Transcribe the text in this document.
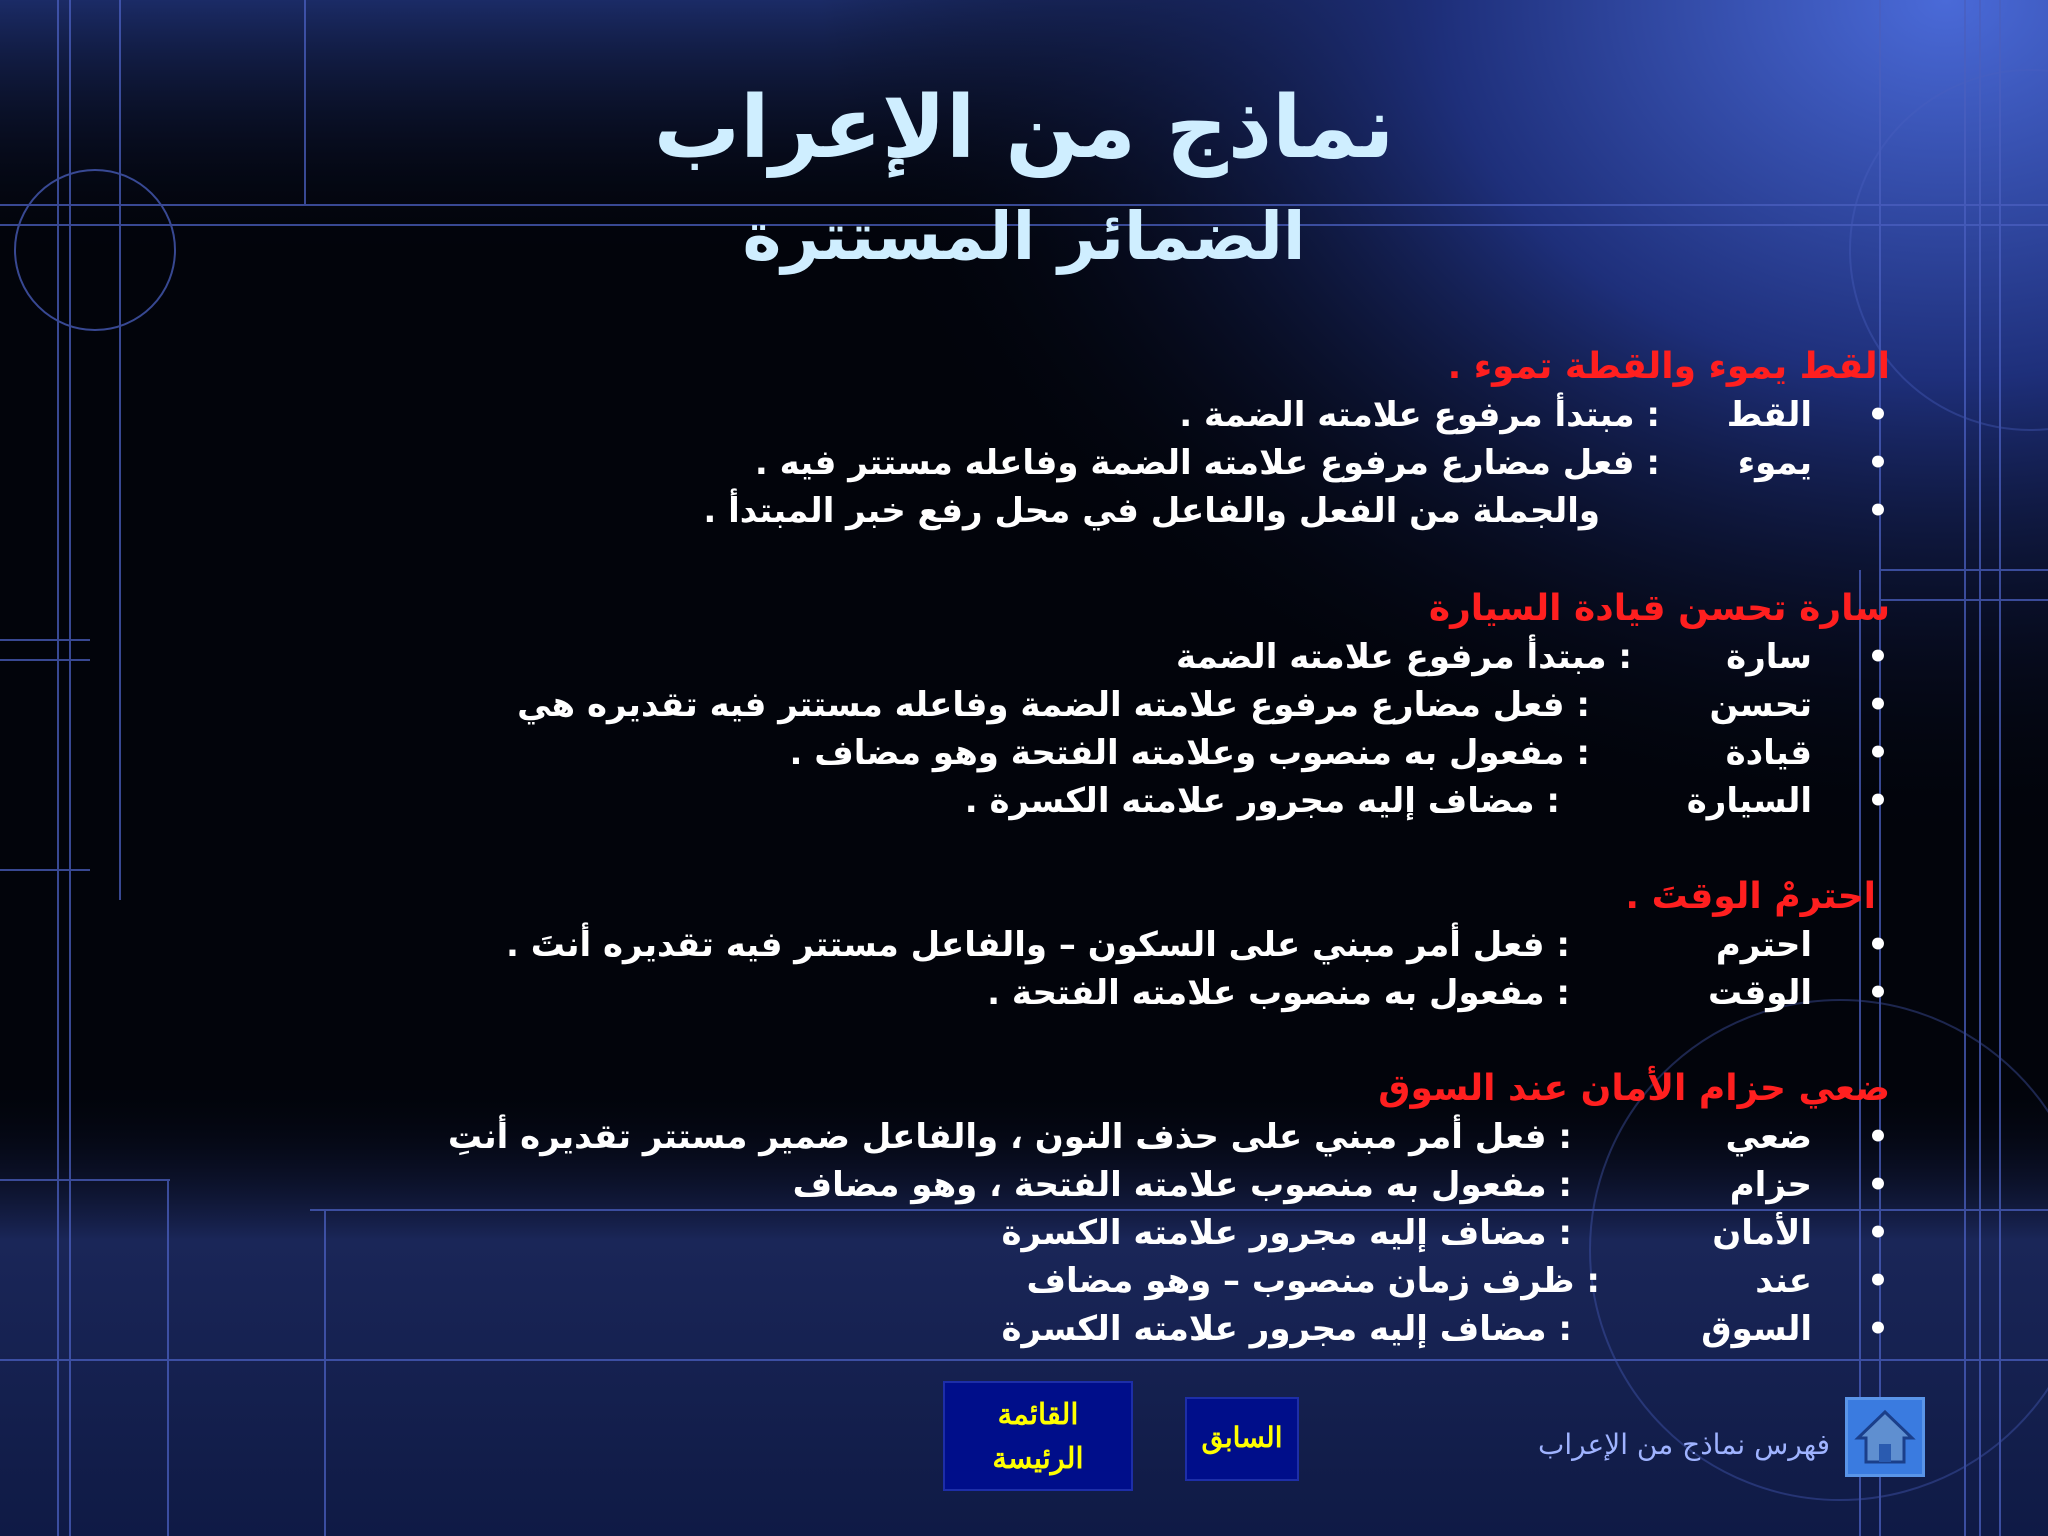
نماذج من الإعراب
الضمائر المستترة
القط يموء والقطة تموء .
•
القط
: مبتدأ مرفوع علامته الضمة .
•
يموء
: فعل مضارع مرفوع علامته الضمة وفاعله مستتر فيه .
•
والجملة من الفعل والفاعل في محل رفع خبر المبتدأ .
سارة تحسن قيادة السيارة
•
سارة
: مبتدأ مرفوع علامته الضمة
•
تحسن
: فعل مضارع مرفوع علامته الضمة وفاعله مستتر فيه تقديره هي
•
قيادة
: مفعول به منصوب وعلامته الفتحة وهو مضاف .
•
السيارة
: مضاف إليه مجرور علامته الكسرة .
احترمْ الوقتَ .
•
احترم
: فعل أمر مبني على السكون – والفاعل مستتر فيه تقديره أنتَ .
•
الوقت
: مفعول به منصوب علامته الفتحة .
ضعي حزام الأمان عند السوق
•
ضعي
: فعل أمر مبني على حذف النون ، والفاعل ضمير مستتر تقديره أنتِ
•
حزام
: مفعول به منصوب علامته الفتحة ، وهو مضاف
•
الأمان
: مضاف إليه مجرور علامته الكسرة
•
عند
: ظرف زمان منصوب – وهو مضاف
•
السوق
: مضاف إليه مجرور علامته الكسرة
القائمة
الرئيسة
السابق	فهرس نماذج من الإعراب
